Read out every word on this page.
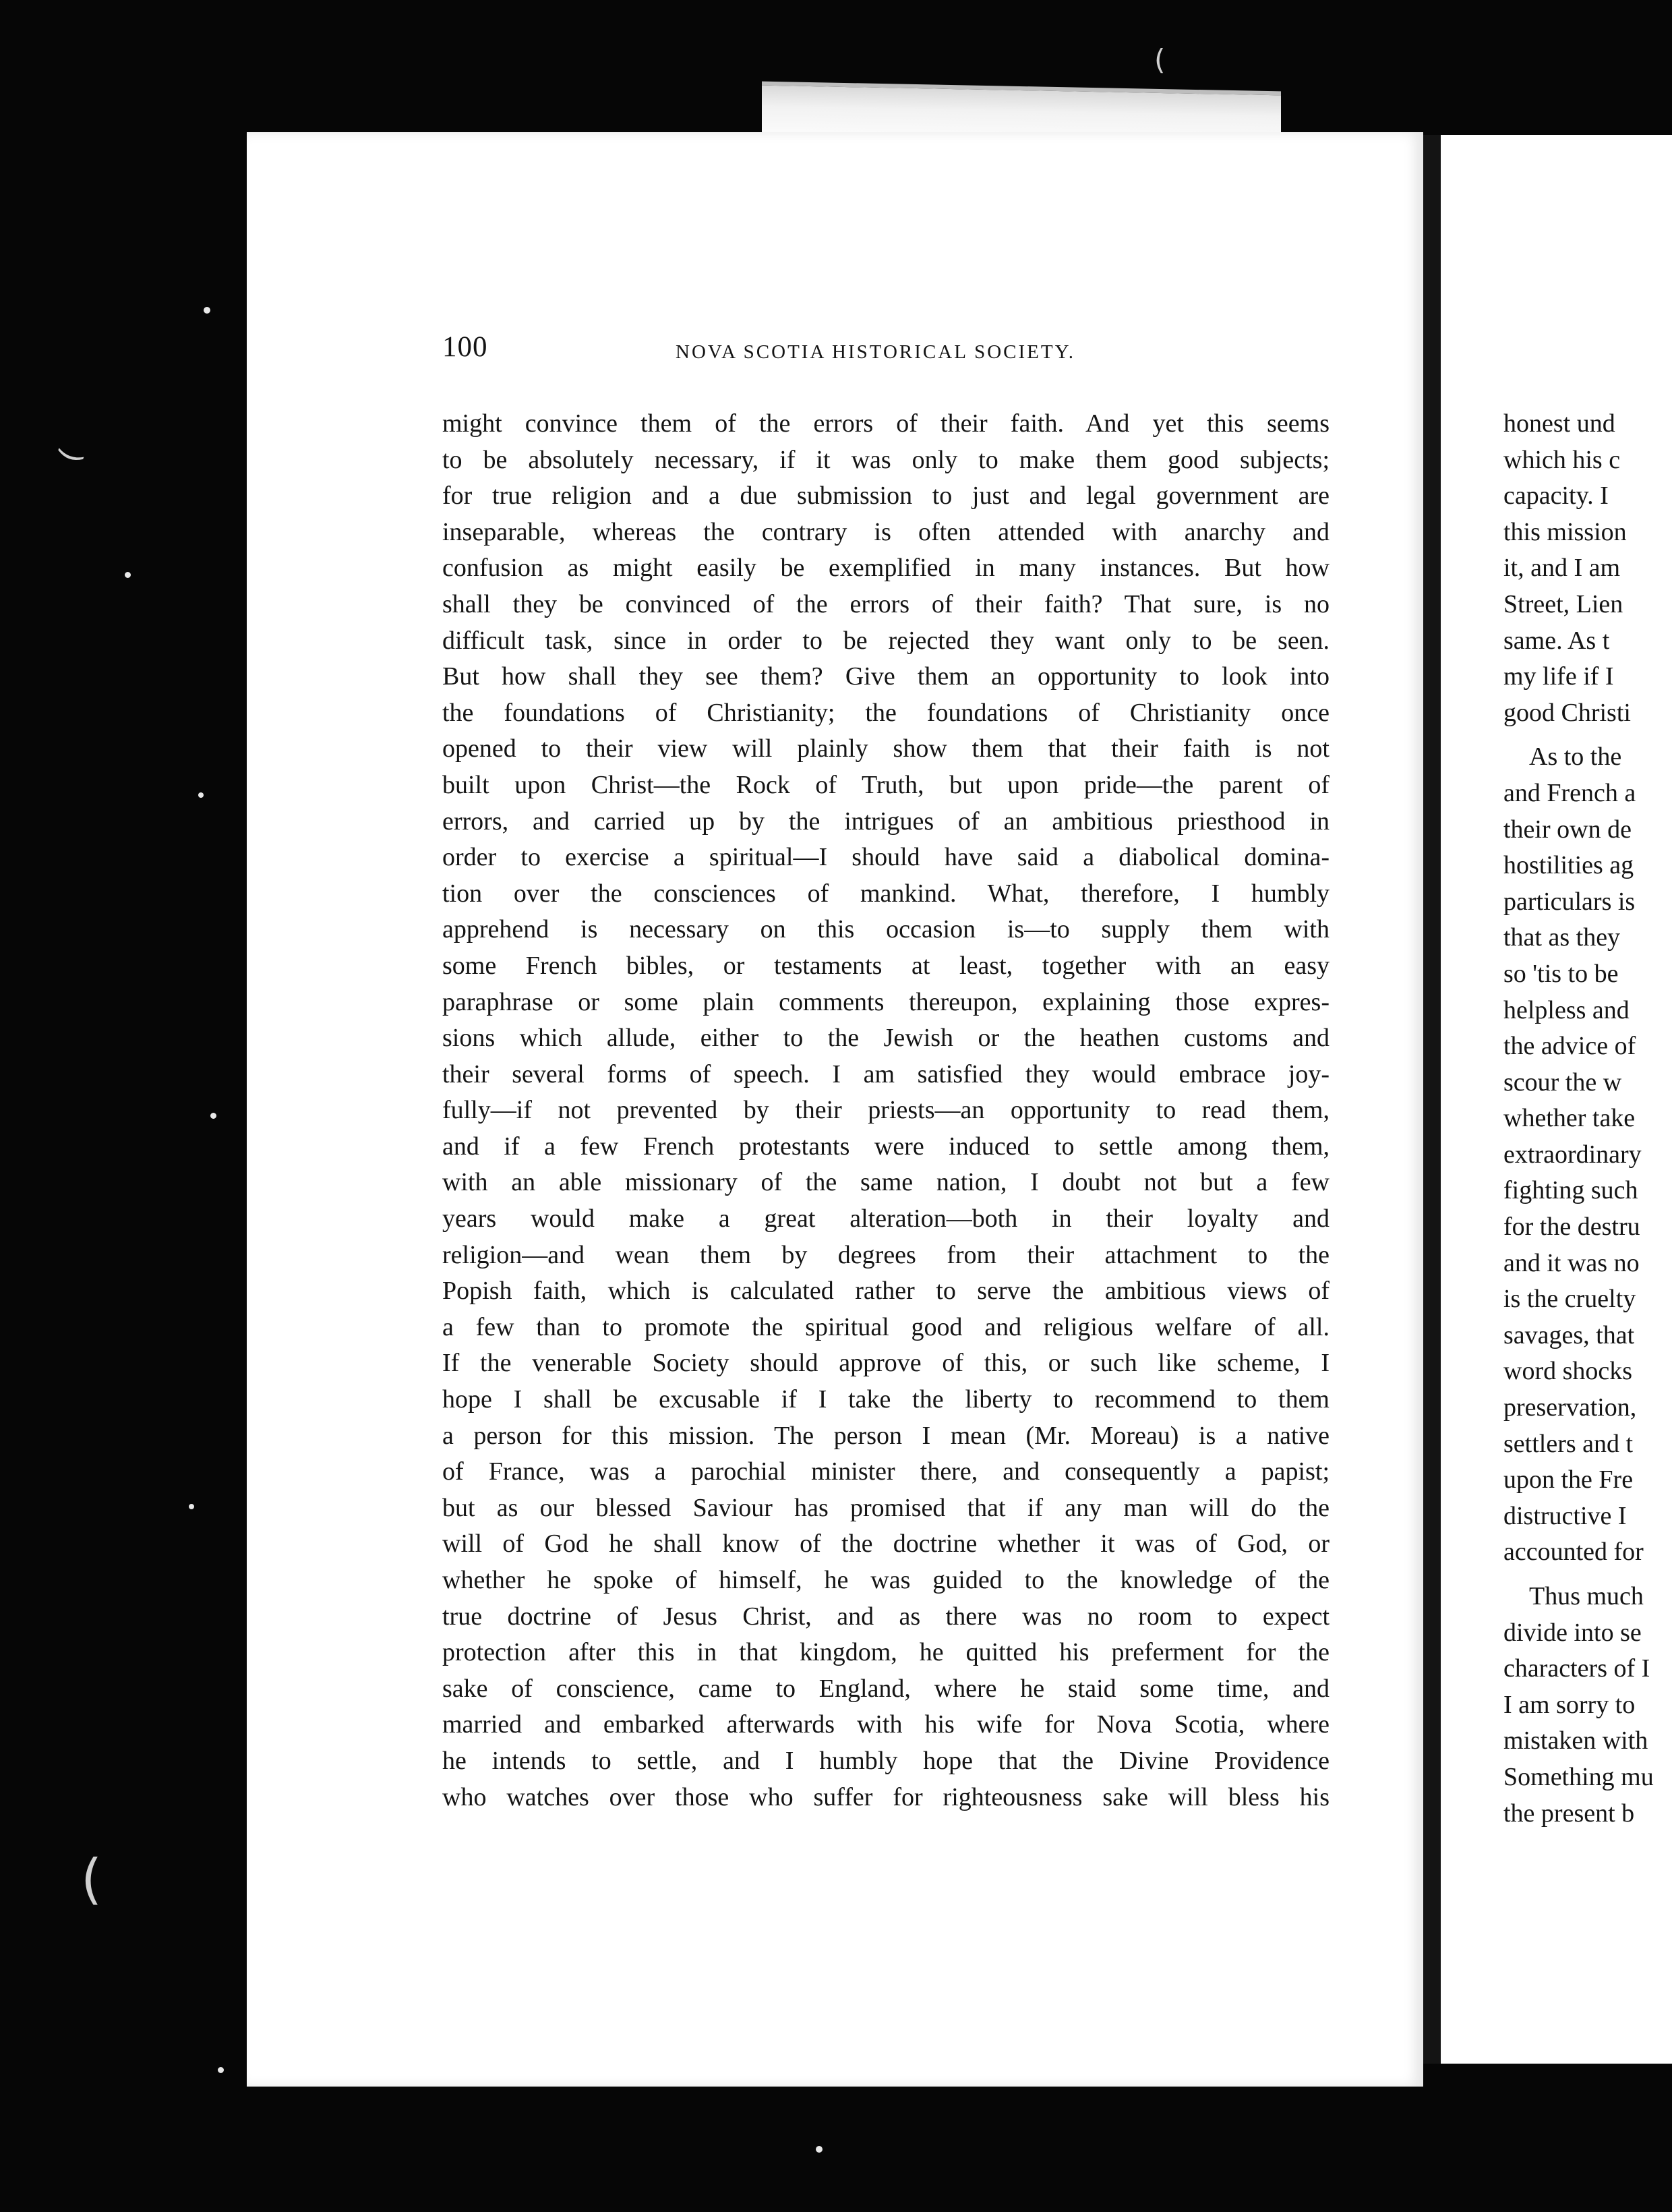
(
(
(
honest und
which his c
capacity. I
this mission
it, and I am
Street, Lien
same. As t
my life if I
good Christi
As to the
and French a
their own de
hostilities ag
particulars is
that as they
so 'tis to be
helpless and
the advice of
scour the w
whether take
extraordinary
fighting such
for the destru
and it was no
is the cruelty
savages, that
word shocks
preservation,
settlers and t
upon the Fre
distructive I
accounted for
Thus much
divide into se
characters of I
I am sorry to
mistaken with
Something mu
the present b
100	NOVA SCOTIA HISTORICAL SOCIETY.
might convince them of the errors of their faith. And yet this seems
to be absolutely necessary, if it was only to make them good subjects;
for true religion and a due submission to just and legal government are
inseparable, whereas the contrary is often attended with anarchy and
confusion as might easily be exemplified in many instances. But how
shall they be convinced of the errors of their faith? That sure, is no
difficult task, since in order to be rejected they want only to be seen.
But how shall they see them? Give them an opportunity to look into
the foundations of Christianity; the foundations of Christianity once
opened to their view will plainly show them that their faith is not
built upon Christ—the Rock of Truth, but upon pride—the parent of
errors, and carried up by the intrigues of an ambitious priesthood in
order to exercise a spiritual—I should have said a diabolical domina-
tion over the consciences of mankind. What, therefore, I humbly
apprehend is necessary on this occasion is—to supply them with
some French bibles, or testaments at least, together with an easy
paraphrase or some plain comments thereupon, explaining those expres-
sions which allude, either to the Jewish or the heathen customs and
their several forms of speech. I am satisfied they would embrace joy-
fully—if not prevented by their priests—an opportunity to read them,
and if a few French protestants were induced to settle among them,
with an able missionary of the same nation, I doubt not but a few
years would make a great alteration—both in their loyalty and
religion—and wean them by degrees from their attachment to the
Popish faith, which is calculated rather to serve the ambitious views of
a few than to promote the spiritual good and religious welfare of all.
If the venerable Society should approve of this, or such like scheme, I
hope I shall be excusable if I take the liberty to recommend to them
a person for this mission. The person I mean (Mr. Moreau) is a native
of France, was a parochial minister there, and consequently a papist;
but as our blessed Saviour has promised that if any man will do the
will of God he shall know of the doctrine whether it was of God, or
whether he spoke of himself, he was guided to the knowledge of the
true doctrine of Jesus Christ, and as there was no room to expect
protection after this in that kingdom, he quitted his preferment for the
sake of conscience, came to England, where he staid some time, and
married and embarked afterwards with his wife for Nova Scotia, where
he intends to settle, and I humbly hope that the Divine Providence
who watches over those who suffer for righteousness sake will bless his
